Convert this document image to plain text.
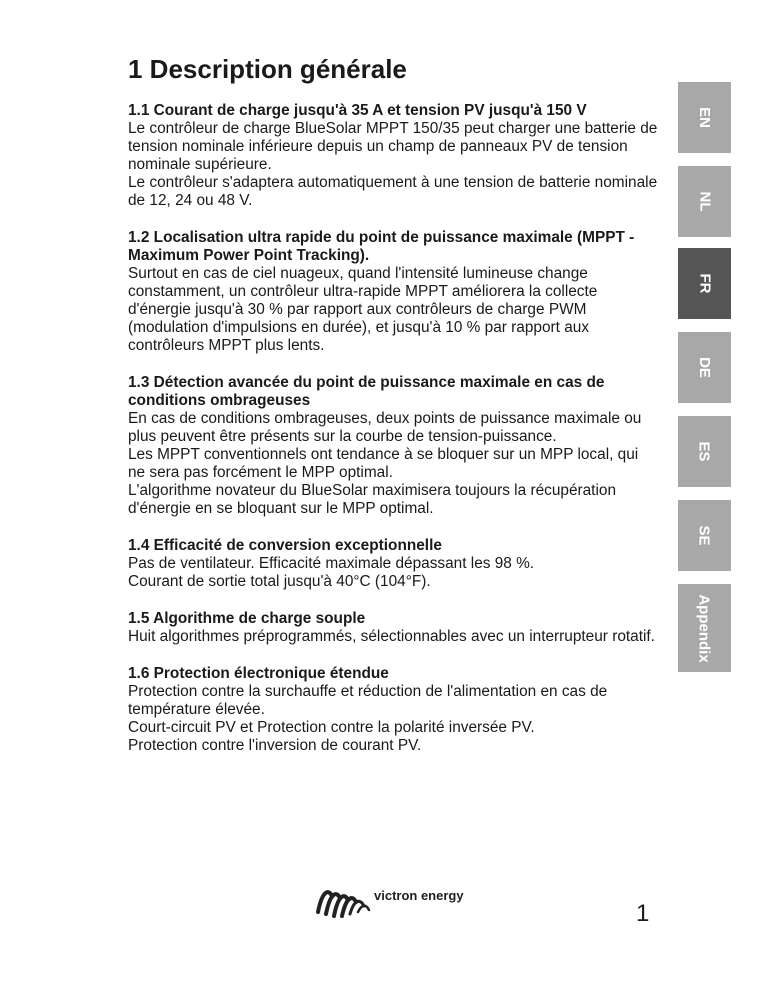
1 Description générale
1.1 Courant de charge jusqu'à 35 A et tension PV jusqu'à 150 V

Le contrôleur de charge BlueSolar MPPT 150/35 peut charger une batterie de tension nominale inférieure depuis un champ de panneaux PV de tension nominale supérieure.
Le contrôleur s'adaptera automatiquement à une tension de batterie nominale de 12, 24 ou 48 V.

1.2 Localisation ultra rapide du point de puissance maximale (MPPT - Maximum Power Point Tracking).

Surtout en cas de ciel nuageux, quand l'intensité lumineuse change constamment, un contrôleur ultra-rapide MPPT améliorera la collecte d'énergie jusqu'à 30 % par rapport aux contrôleurs de charge PWM (modulation d'impulsions en durée), et jusqu'à 10 % par rapport aux contrôleurs MPPT plus lents.

1.3 Détection avancée du point de puissance maximale en cas de conditions ombrageuses

En cas de conditions ombrageuses, deux points de puissance maximale ou plus peuvent être présents sur la courbe de tension-puissance.
Les MPPT conventionnels ont tendance à se bloquer sur un MPP local, qui ne sera pas forcément le MPP optimal.
L'algorithme novateur du BlueSolar maximisera toujours la récupération d'énergie en se bloquant sur le MPP optimal.

1.4 Efficacité de conversion exceptionnelle

Pas de ventilateur. Efficacité maximale dépassant les 98 %.
Courant de sortie total jusqu'à 40°C (104°F).

1.5 Algorithme de charge souple

Huit algorithmes préprogrammés, sélectionnables avec un interrupteur rotatif.

1.6 Protection électronique étendue

Protection contre la surchauffe et réduction de l'alimentation en cas de température élevée.
Court-circuit PV et Protection contre la polarité inversée PV.
Protection contre l'inversion de courant PV.

EN
NL
FR
DE
ES
SE
Appendix
victron energy
1
